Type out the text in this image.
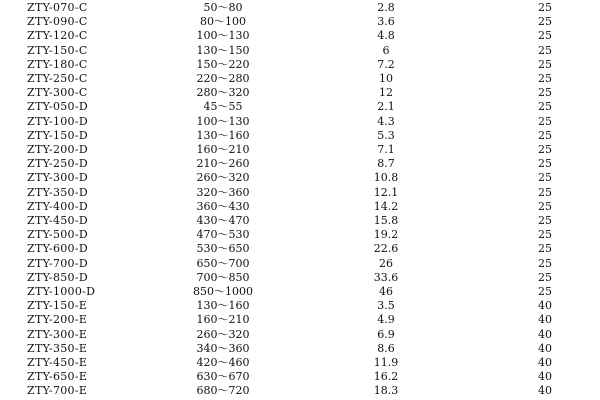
ZTY-070-C	50～80	2.8	25
ZTY-090-C	80～100	3.6	25
ZTY-120-C	100～130	4.8	25
ZTY-150-C	130～150	6	25
ZTY-180-C	150～220	7.2	25
ZTY-250-C	220～280	10	25
ZTY-300-C	280～320	12	25
ZTY-050-D	45～55	2.1	25
ZTY-100-D	100～130	4.3	25
ZTY-150-D	130～160	5.3	25
ZTY-200-D	160～210	7.1	25
ZTY-250-D	210～260	8.7	25
ZTY-300-D	260～320	10.8	25
ZTY-350-D	320～360	12.1	25
ZTY-400-D	360～430	14.2	25
ZTY-450-D	430～470	15.8	25
ZTY-500-D	470～530	19.2	25
ZTY-600-D	530～650	22.6	25
ZTY-700-D	650～700	26	25
ZTY-850-D	700～850	33.6	25
ZTY-1000-D	850～1000	46	25
ZTY-150-E	130～160	3.5	40
ZTY-200-E	160～210	4.9	40
ZTY-300-E	260～320	6.9	40
ZTY-350-E	340～360	8.6	40
ZTY-450-E	420～460	11.9	40
ZTY-650-E	630～670	16.2	40
ZTY-700-E	680～720	18.3	40
